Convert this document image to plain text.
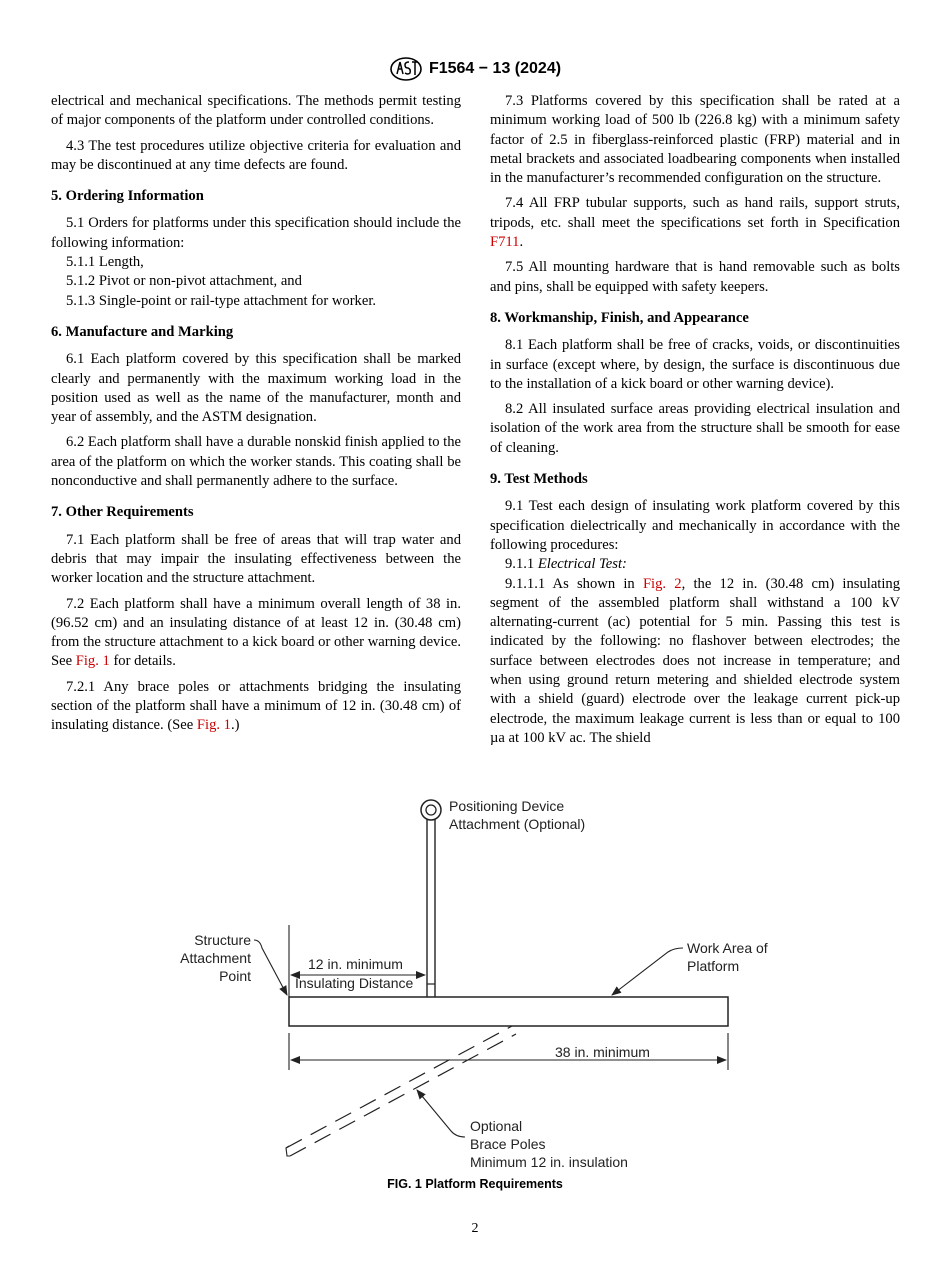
F1564 − 13 (2024)

electrical and mechanical specifications. The methods permit testing of major components of the platform under controlled conditions.

4.3 The test procedures utilize objective criteria for evaluation and may be discontinued at any time defects are found.

5. Ordering Information

5.1 Orders for platforms under this specification should include the following information:

5.1.1 Length,

5.1.2 Pivot or non-pivot attachment, and

5.1.3 Single-point or rail-type attachment for worker.

6. Manufacture and Marking

6.1 Each platform covered by this specification shall be marked clearly and permanently with the maximum working load in the position used as well as the name of the manufacturer, month and year of assembly, and the ASTM designation.

6.2 Each platform shall have a durable nonskid finish applied to the area of the platform on which the worker stands. This coating shall be nonconductive and shall permanently adhere to the surface.

7. Other Requirements

7.1 Each platform shall be free of areas that will trap water and debris that may impair the insulating effectiveness between the worker location and the structure attachment.

7.2 Each platform shall have a minimum overall length of 38 in. (96.52 cm) and an insulating distance of at least 12 in. (30.48 cm) from the structure attachment to a kick board or other warning device. See Fig. 1 for details.

7.2.1 Any brace poles or attachments bridging the insulating section of the platform shall have a minimum of 12 in. (30.48 cm) of insulating distance. (See Fig. 1.)

7.3 Platforms covered by this specification shall be rated at a minimum working load of 500 lb (226.8 kg) with a minimum safety factor of 2.5 in fiberglass-reinforced plastic (FRP) material and in metal brackets and associated loadbearing components when installed in the manufacturer’s recommended configuration on the structure.

7.4 All FRP tubular supports, such as hand rails, support struts, tripods, etc. shall meet the specifications set forth in Specification F711.

7.5 All mounting hardware that is hand removable such as bolts and pins, shall be equipped with safety keepers.

8. Workmanship, Finish, and Appearance

8.1 Each platform shall be free of cracks, voids, or discontinuities in surface (except where, by design, the surface is discontinuous due to the installation of a kick board or other warning device).

8.2 All insulated surface areas providing electrical insulation and isolation of the work area from the structure shall be smooth for ease of cleaning.

9. Test Methods

9.1 Test each design of insulating work platform covered by this specification dielectrically and mechanically in accordance with the following procedures:

9.1.1 Electrical Test:

9.1.1.1 As shown in Fig. 2, the 12 in. (30.48 cm) insulating segment of the assembled platform shall withstand a 100 kV alternating-current (ac) potential for 5 min. Passing this test is indicated by the following: no flashover between electrodes; the surface between electrodes does not increase in temperature; and when using ground return metering and shielded electrode system with a shield (guard) electrode over the leakage current pick-up electrode, the maximum leakage current is less than or equal to 100 µa at 100 kV ac. The shield

Positioning Device
Attachment (Optional)
Structure
Attachment
Point
12 in. minimum
Insulating Distance
Work Area of
Platform
38 in. minimum
Optional
Brace Poles
Minimum 12 in. insulation
FIG. 1 Platform Requirements
2
